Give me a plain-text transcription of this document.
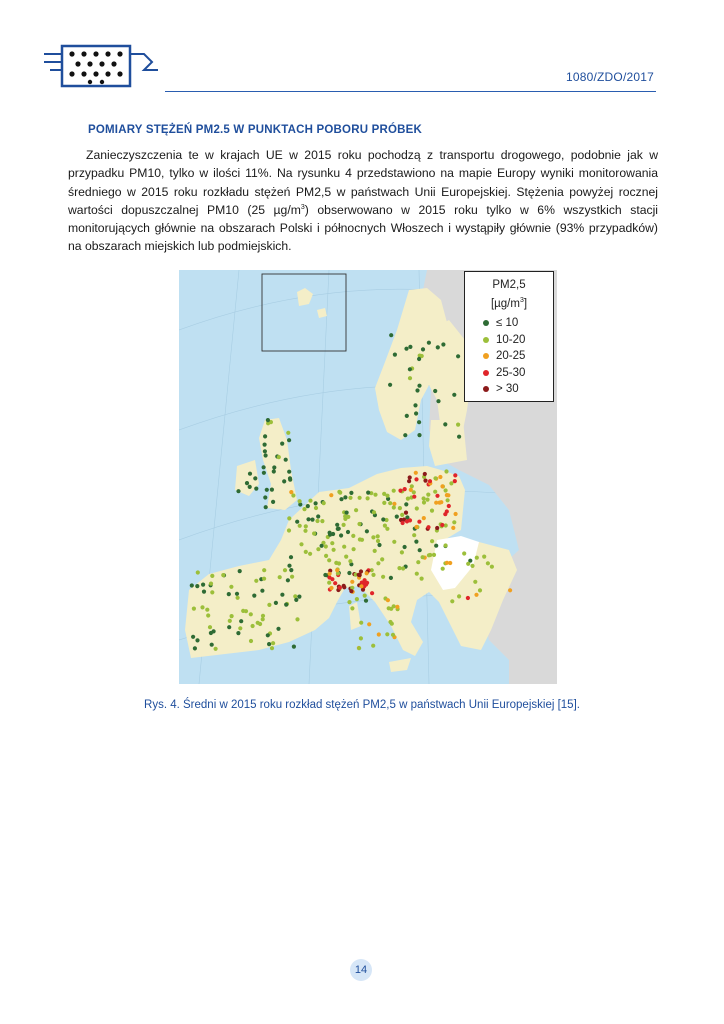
1080/ZDO/2017
POMIARY STĘŻEŃ PM2.5 W PUNKTACH POBORU PRÓBEK

Zanieczyszczenia te w krajach UE w 2015 roku pochodzą z transportu drogowego, podobnie jak w przypadku PM10, tylko w ilości 11%. Na rysunku 4 przedstawiono na mapie Europy wyniki monitorowania średniego w 2015 roku rozkładu stężeń PM2,5 w państwach Unii Europejskiej. Stężenia powyżej rocznej wartości dopuszczalnej PM10 (25 $\mu g/m^3$) obserwowano w 2015 roku tylko w 6% wszystkich stacji monitorujących głównie na obszarach Polski i północnych Włoszech i wystąpiły głównie (93% przypadków) na obszarach miejskich lub podmiejskich.

PM2,5
$[\mu g/m^3]$
≤ 10
10-20
20-25
25-30
> 30
Rys. 4. Średni w 2015 roku rozkład stężeń PM2,5 w państwach Unii Europejskiej [15].
14
